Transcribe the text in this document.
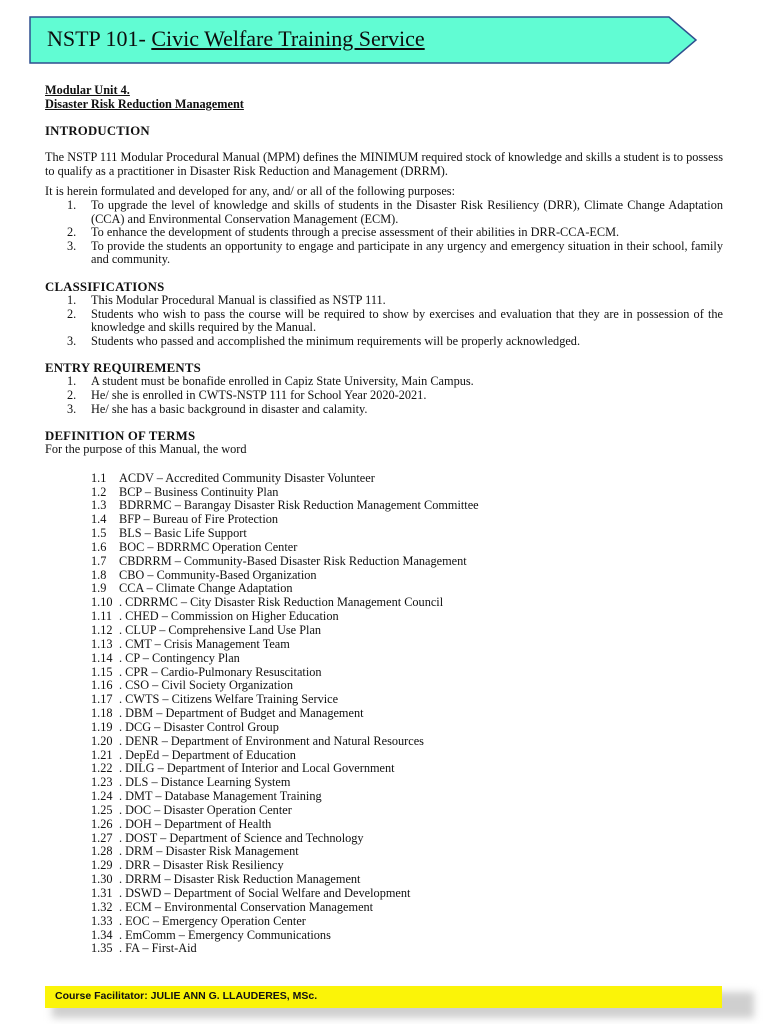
NSTP 101- Civic Welfare Training Service

Modular Unit 4.

Disaster Risk Reduction Management

INTRODUCTION

The NSTP 111 Modular Procedural Manual (MPM) defines the MINIMUM required stock of knowledge and skills a student is to possess to qualify as a practitioner in Disaster Risk Reduction and Management (DRRM).

It is herein formulated and developed for any, and/ or all of the following purposes:

1. To upgrade the level of knowledge and skills of students in the Disaster Risk Resiliency (DRR), Climate Change Adaptation (CCA) and Environmental Conservation Management (ECM).
2. To enhance the development of students through a precise assessment of their abilities in DRR-CCA-ECM.
3. To provide the students an opportunity to engage and participate in any urgency and emergency situation in their school, family and community.
CLASSIFICATIONS
1. This Modular Procedural Manual is classified as NSTP 111.
2. Students who wish to pass the course will be required to show by exercises and evaluation that they are in possession of the knowledge and skills required by the Manual.
3. Students who passed and accomplished the minimum requirements will be properly acknowledged.
ENTRY REQUIREMENTS
1. A student must be bonafide enrolled in Capiz State University, Main Campus.
2. He/ she is enrolled in CWTS-NSTP 111 for School Year 2020-2021.
3. He/ she has a basic background in disaster and calamity.
DEFINITION OF TERMS

For the purpose of this Manual, the word

1.1 ACDV – Accredited Community Disaster Volunteer
1.2 BCP – Business Continuity Plan
1.3 BDRRMC – Barangay Disaster Risk Reduction Management Committee
1.4 BFP – Bureau of Fire Protection
1.5 BLS – Basic Life Support
1.6 BOC – BDRRMC Operation Center
1.7 CBDRRM – Community-Based Disaster Risk Reduction Management
1.8 CBO – Community-Based Organization
1.9 CCA – Climate Change Adaptation
1.10 . CDRRMC – City Disaster Risk Reduction Management Council
1.11 . CHED – Commission on Higher Education
1.12 . CLUP – Comprehensive Land Use Plan
1.13 . CMT – Crisis Management Team
1.14 . CP – Contingency Plan
1.15 . CPR – Cardio-Pulmonary Resuscitation
1.16 . CSO – Civil Society Organization
1.17 . CWTS – Citizens Welfare Training Service
1.18 . DBM – Department of Budget and Management
1.19 . DCG – Disaster Control Group
1.20 . DENR – Department of Environment and Natural Resources
1.21 . DepEd – Department of Education
1.22 . DILG – Department of Interior and Local Government
1.23 . DLS – Distance Learning System
1.24 . DMT – Database Management Training
1.25 . DOC – Disaster Operation Center
1.26 . DOH – Department of Health
1.27 . DOST – Department of Science and Technology
1.28 . DRM – Disaster Risk Management
1.29 . DRR – Disaster Risk Resiliency
1.30 . DRRM – Disaster Risk Reduction Management
1.31 . DSWD – Department of Social Welfare and Development
1.32 . ECM – Environmental Conservation Management
1.33 . EOC – Emergency Operation Center
1.34 . EmComm – Emergency Communications
1.35 . FA – First-Aid
Course Facilitator: JULIE ANN G. LLAUDERES, MSc.
